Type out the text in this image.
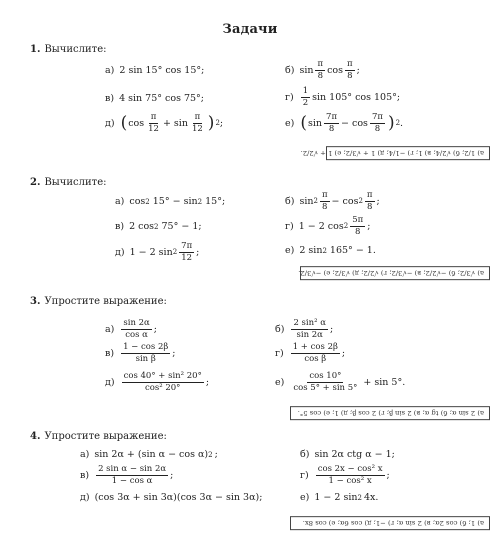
Задачи
1. Вычислите:
а) 2 sin 15° cos 15°;	б) $\sin \frac{\pi}{8}$ $\cos \frac{\pi}{8}$ ;
в) 4 sin 75° cos 75°;	$г) \frac{1}{2}$ sin 105° cos 105°;
д) ( $\cos \frac{\pi}{12} + \sin \frac{\pi}{12}$ ) 2 ;	е) ( $\sin \frac{7\pi}{8} - \cos \frac{7\pi}{8}$ ) 2 .
а) 1/2; б) √2/4; в) 1; г) −1/4; д) 1 + √3/2; е) 1 + √2/2.
2. Вычислите:
а) cos 2 15° − sin 2 15°;	б) $\sin 2 \frac{\pi}{8} - \cos 2 \frac{\pi}{8}$ ;
в) 2 cos 2 75° − 1;	г) 1 − 2 $\cos 2 \frac{5\pi}{8}$ ;
д) 1 − 2 $\sin 2 \frac{7\pi}{12}$ ;	е) 2 sin 2 165° − 1.
а) √3/2; б) −√2/2; в) −√3/2; г) √2/2; д) √3/2; е) −√3/2.
3. Упростите выражение:
$а) \frac{\sin 2\alpha}{\text{cos α}}$ ;	$б) \frac{\text{2 sin² α}}{\sin 2\alpha}$ ;
$в) \frac{1 - \cos 2\beta}{\text{sin β}}$ ;	$г) \frac{1 + \cos 2\beta}{\text{cos β}}$ ;
$д) \frac{\text{cos 40° + sin² 20°}}{\text{cos² 20°}}$ ;	$е) \frac{\cos 10^\circ}{\cos 5^\circ + \sin 5^\circ} + \sin 5^\circ$.
а) 2 sin α; б) tg α; в) 2 sin β; г) 2 cos β; д) 1; е) cos 5°.
4. Упростите выражение:
а) sin 2α + (sin α − cos α) 2 ;	б) sin 2α ctg α − 1;
$в) \frac{\text{2 sin α − sin 2α}}{\text{1 − cos α}}$ ;	$г) \frac{\text{cos 2x − cos² x}}{\text{1 − cos² x}}$ ;
д) (cos 3α + sin 3α)(cos 3α − sin 3α);	е) 1 − 2 sin 2 4x.
а) 1; б) cos 2α; в) 2 sin α; г) −1; д) cos 6α; е) cos 8x.
